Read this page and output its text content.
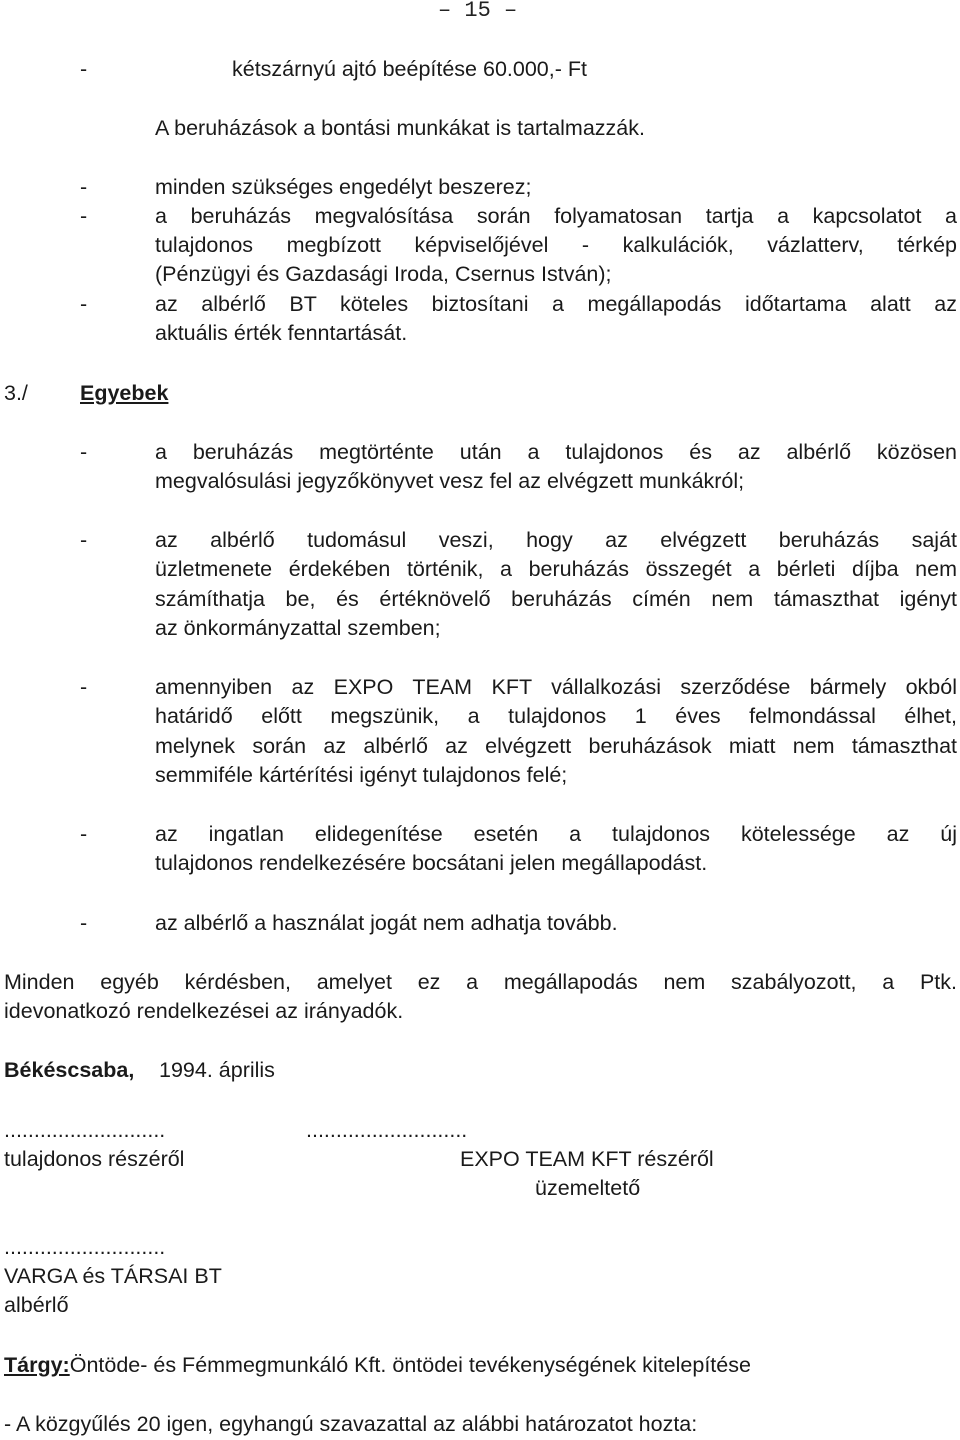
– 15 –
-	kétszárnyú ajtó beépítése 60.000,- Ft
A beruházások a bontási munkákat is tartalmazzák.
-	minden szükséges engedélyt beszerez;
-	a beruházás megvalósítása során folyamatosan tartja a kapcsolatot a
tulajdonos megbízott képviselőjével - kalkulációk, vázlatterv, térkép
(Pénzügyi és Gazdasági Iroda, Csernus István);
-	az albérlő BT köteles biztosítani a megállapodás időtartama alatt az
aktuális érték fenntartását.
3./ Egyebek
-	a beruházás megtörténte után a tulajdonos és az albérlő közösen
megvalósulási jegyzőkönyvet vesz fel az elvégzett munkákról;
-	az albérlő tudomásul veszi, hogy az elvégzett beruházás saját
üzletmenete érdekében történik, a beruházás összegét a bérleti díjba nem
számíthatja be, és értéknövelő beruházás címén nem támaszthat igényt
az önkormányzattal szemben;
-	amennyiben az EXPO TEAM KFT vállalkozási szerződése bármely okból
határidő előtt megszünik, a tulajdonos 1 éves felmondással élhet,
melynek során az albérlő az elvégzett beruházások miatt nem támaszthat
semmiféle kártérítési igényt tulajdonos felé;
-	az ingatlan elidegenítése esetén a tulajdonos kötelessége az új
tulajdonos rendelkezésére bocsátani jelen megállapodást.
-	az albérlő a használat jogát nem adhatja tovább.
Minden egyéb kérdésben, amelyet ez a megállapodás nem szabályozott, a Ptk.
idevonatkozó rendelkezései az irányadók.
Békéscsaba, 1994. április
...........................	...........................
tulajdonos részéről	EXPO TEAM KFT részéről
üzemeltető
...........................
VARGA és TÁRSAI BT
albérlő
Tárgy:Öntöde- és Fémmegmunkáló Kft. öntödei tevékenységének kitelepítése
- A közgyűlés 20 igen, egyhangú szavazattal az alábbi határozatot hozta:
